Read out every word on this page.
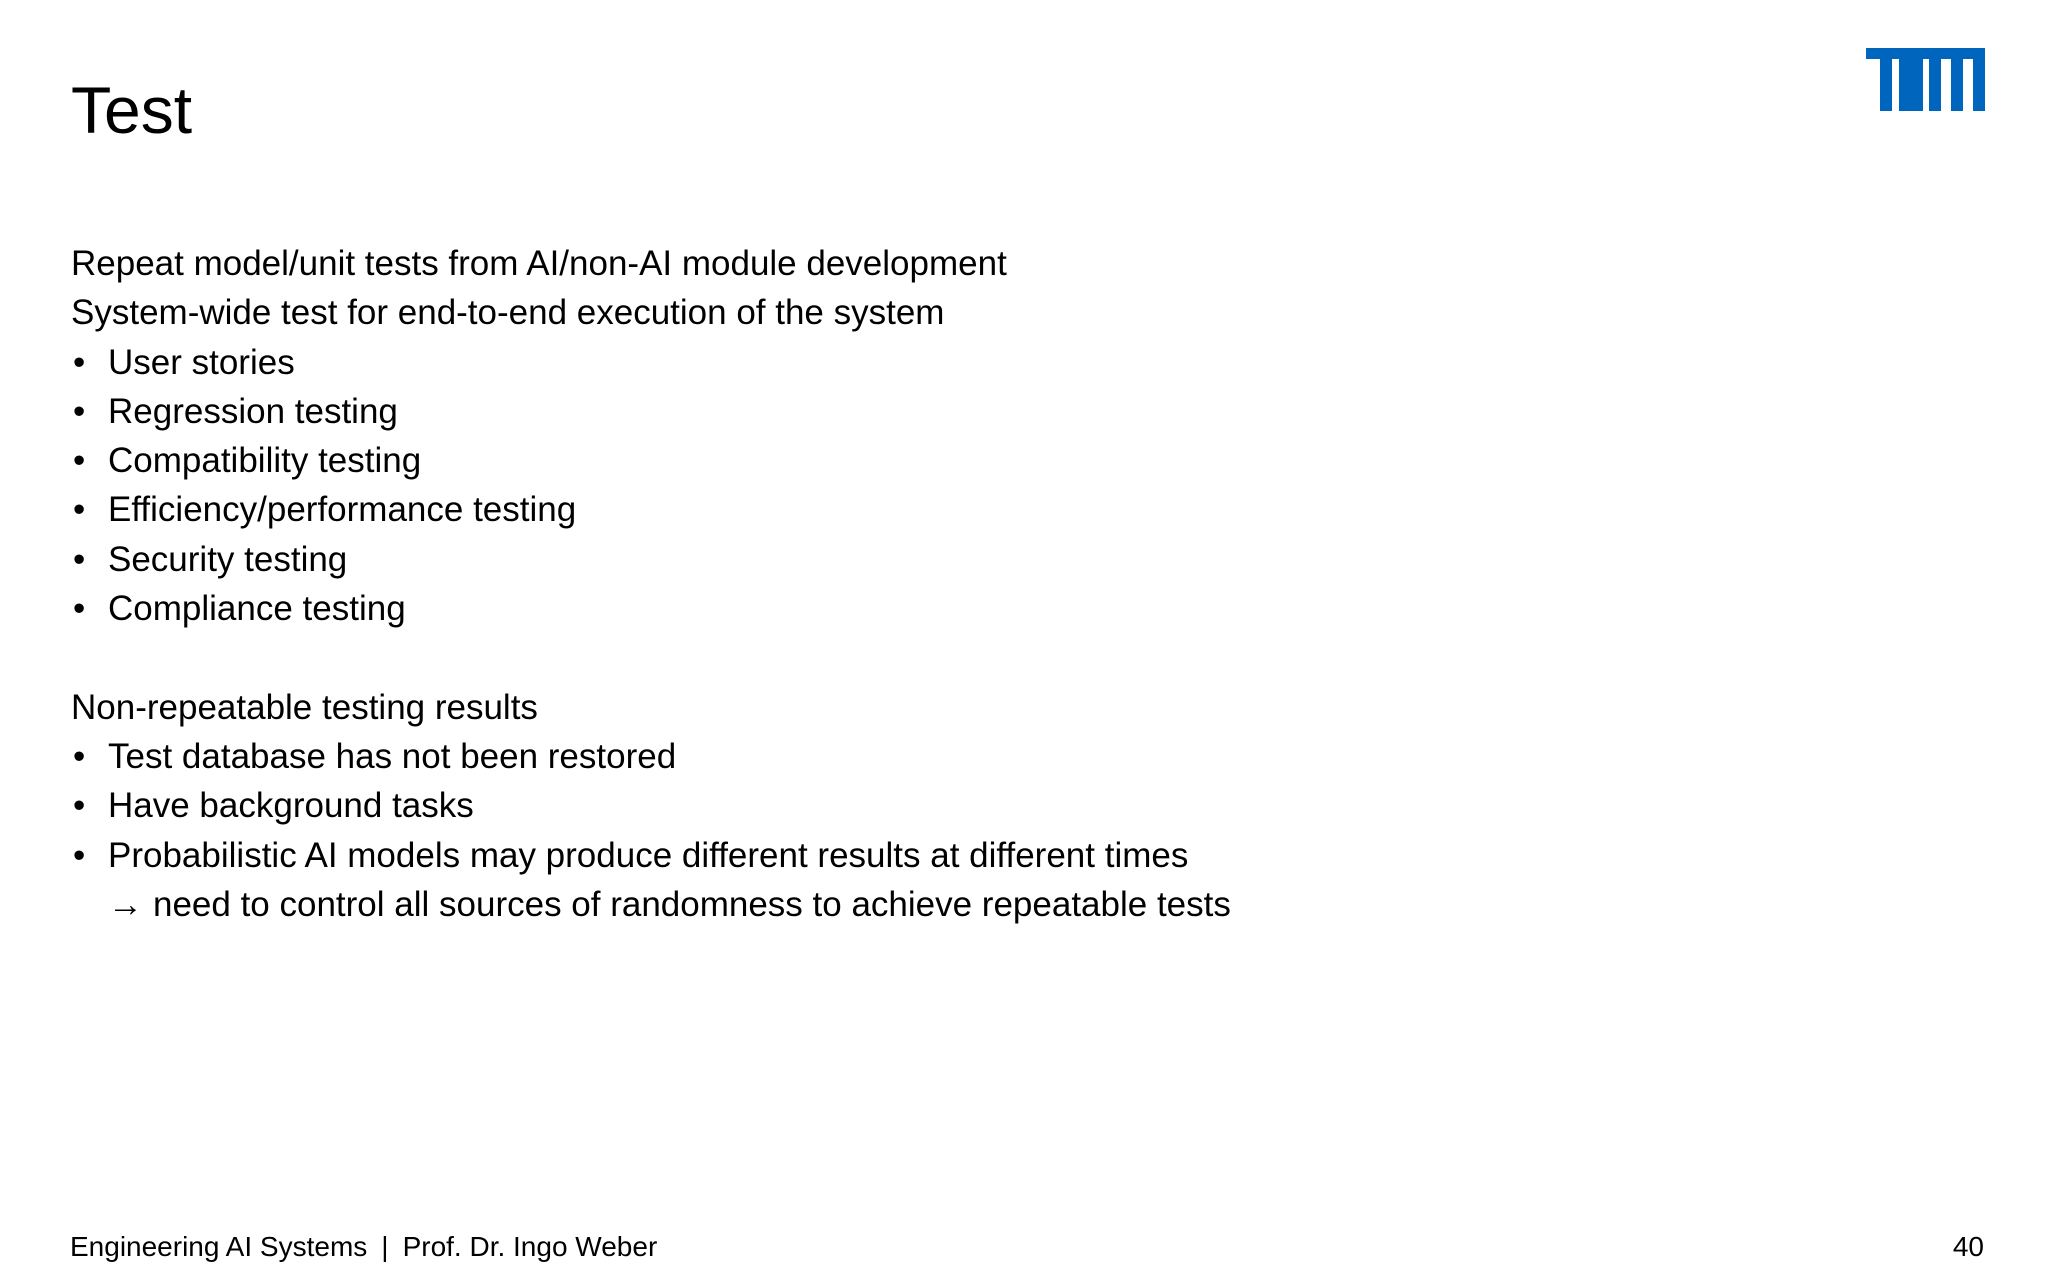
Test
Repeat model/unit tests from AI/non-AI module development
System-wide test for end-to-end execution of the system
• User stories
• Regression testing
• Compatibility testing
• Efficiency/performance testing
• Security testing
• Compliance testing
Non-repeatable testing results
• Test database has not been restored
• Have background tasks
• Probabilistic AI models may produce different results at different times
→ need to control all sources of randomness to achieve repeatable tests
Engineering AI Systems | Prof. Dr. Ingo Weber	40
